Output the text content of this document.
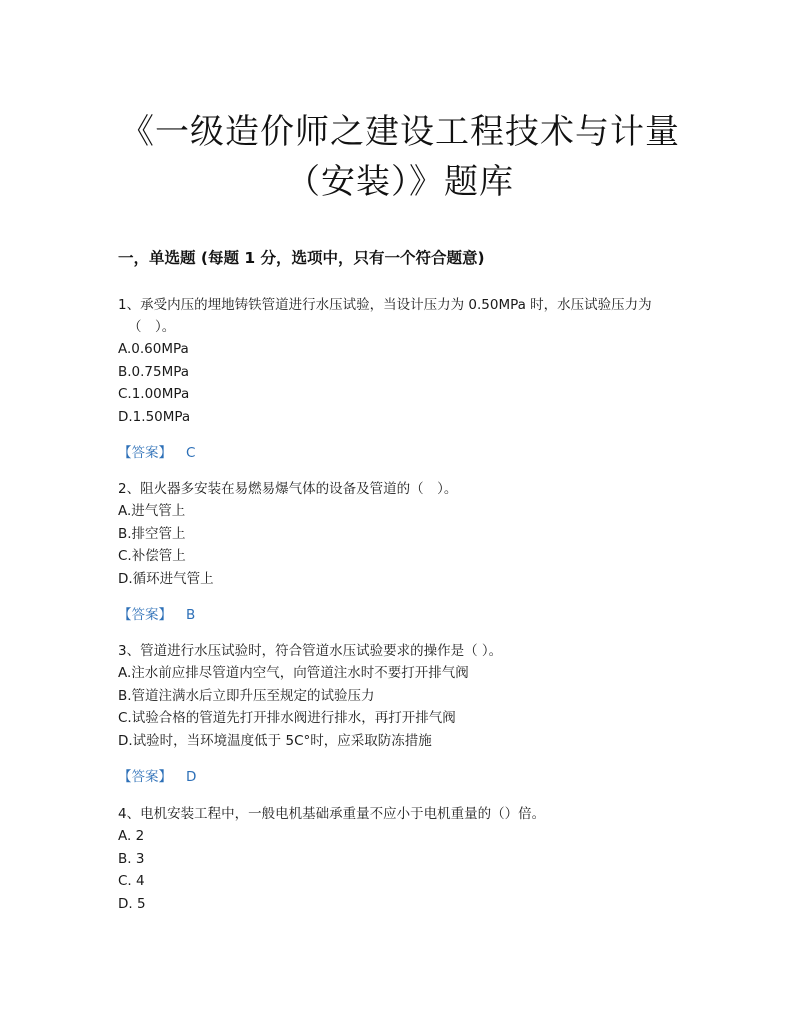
《一级造价师之建设工程技术与计量
（安装）》题库
一，单选题 (每题 1 分，选项中，只有一个符合题意)

1、承受内压的埋地铸铁管道进行水压试验，当设计压力为 0.50MPa 时，水压试验压力为

（　）。

A.0.60MPa

B.0.75MPa

C.1.00MPa

D.1.50MPa

【答案】 C

2、阻火器多安装在易燃易爆气体的设备及管道的（　）。

A.进气管上

B.排空管上

C.补偿管上

D.循环进气管上

【答案】 B

3、管道进行水压试验时，符合管道水压试验要求的操作是（ ）。

A.注水前应排尽管道内空气，向管道注水时不要打开排气阀

B.管道注满水后立即升压至规定的试验压力

C.试验合格的管道先打开排水阀进行排水，再打开排气阀

D.试验时，当环境温度低于 5C°时，应采取防冻措施

【答案】 D

4、电机安装工程中，一般电机基础承重量不应小于电机重量的（）倍。

A. 2

B. 3

C. 4

D. 5
